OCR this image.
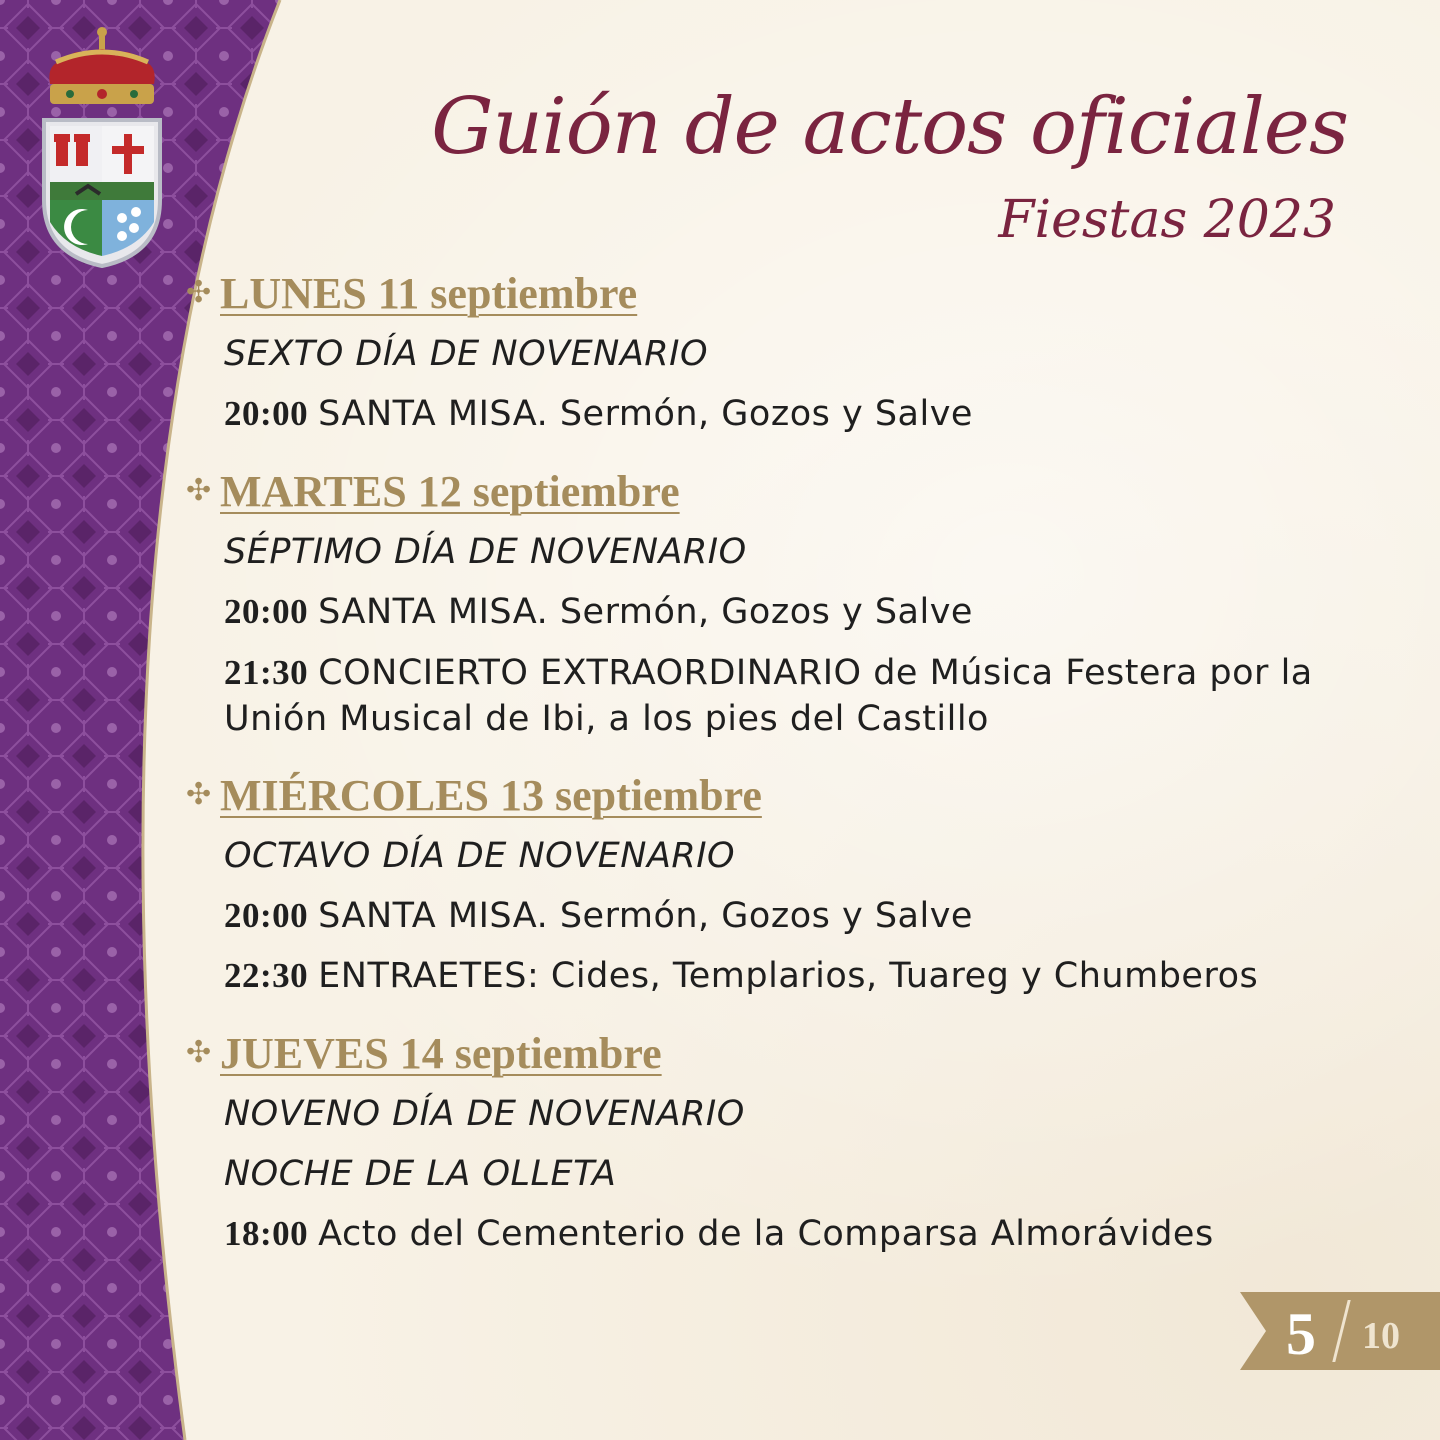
Guión de actos oficiales
Fiestas 2023
✣ LUNES 11 septiembre
SEXTO DÍA DE NOVENARIO
20:00 SANTA MISA. Sermón, Gozos y Salve
✣ MARTES 12 septiembre
SÉPTIMO DÍA DE NOVENARIO
20:00 SANTA MISA. Sermón, Gozos y Salve
21:30 CONCIERTO EXTRAORDINARIO de Música Festera por la Unión Musical de Ibi, a los pies del Castillo
✣ MIÉRCOLES 13 septiembre
OCTAVO DÍA DE NOVENARIO
20:00 SANTA MISA. Sermón, Gozos y Salve
22:30 ENTRAETES: Cides, Templarios, Tuareg y Chumberos
✣ JUEVES 14 septiembre
NOVENO DÍA DE NOVENARIO
NOCHE DE LA OLLETA
18:00 Acto del Cementerio de la Comparsa Almorávides
5 10
